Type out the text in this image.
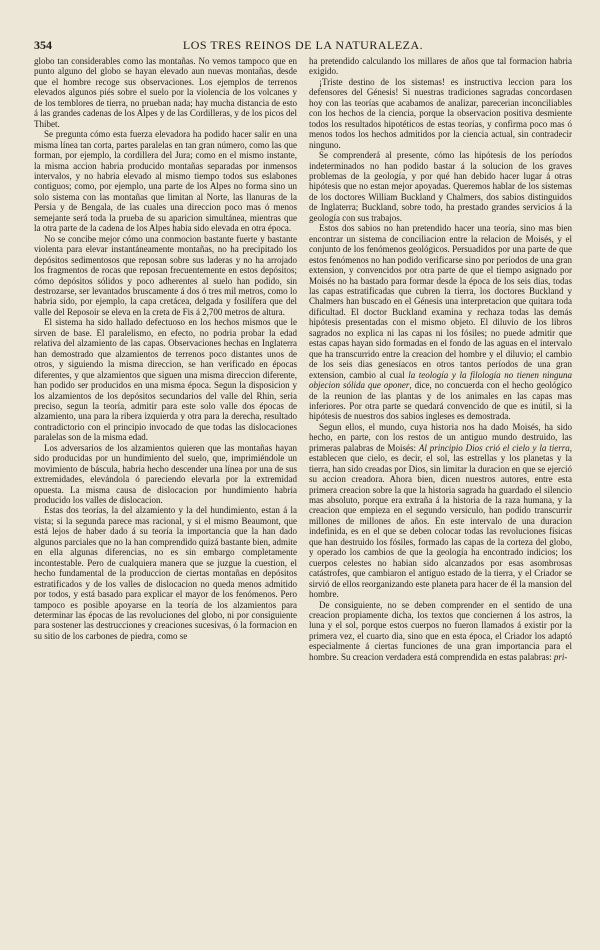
354	LOS TRES REINOS DE LA NATURALEZA.

globo tan considerables como las montañas. No vemos tampoco que en punto alguno del globo se hayan elevado aun nuevas montañas, desde que el hombre recoge sus observaciones. Los ejemplos de terrenos elevados algunos piés sobre el suelo por la violencia de los volcanes y de los temblores de tierra, no prueban nada; hay mucha distancia de esto á las grandes cadenas de los Alpes y de las Cordilleras, y de los picos del Thibet.

Se pregunta cómo esta fuerza elevadora ha podido hacer salir en una misma línea tan corta, partes paralelas en tan gran número, como las que forman, por ejemplo, la cordillera del Jura; como en el mismo instante, la misma accion habria producido montañas separadas por inmensos intervalos, y no habria elevado al mismo tiempo todos sus eslabones contiguos; como, por ejemplo, una parte de los Alpes no forma sino un solo sistema con las montañas que limitan al Norte, las llanuras de la Persia y de Bengala, de las cuales una direccion poco mas ó menos semejante será toda la prueba de su aparicion simultánea, mientras que la otra parte de la cadena de los Alpes habia sido elevada en otra época.

No se concibe mejor cómo una conmocion bastante fuerte y bastante violenta para elevar instantáneamente montañas, no ha precipitado los depósitos sedimentosos que reposan sobre sus laderas y no ha arrojado los fragmentos de rocas que reposan frecuentemente en estos depósitos; cómo depósitos sólidos y poco adherentes al suelo han podido, sin destrozarse, ser levantados bruscamente á dos ó tres mil metros, como lo habria sido, por ejemplo, la capa cretácea, delgada y fosilífera que del valle del Reposoir se eleva en la creta de Fis á 2,700 metros de altura.

El sistema ha sido hallado defectuoso en los hechos mismos que le sirven de base. El paralelismo, en efecto, no podria probar la edad relativa del alzamiento de las capas. Observaciones hechas en Inglaterra han demostrado que alzamientos de terrenos poco distantes unos de otros, y siguiendo la misma direccion, se han verificado en épocas diferentes, y que alzamientos que siguen una misma direccion diferente, han podido ser producidos en una misma época. Segun la disposicion y los alzamientos de los depósitos secundarios del valle del Rhin, seria preciso, segun la teoría, admitir para este solo valle dos épocas de alzamiento, una para la ribera izquierda y otra para la derecha, resultado contradictorio con el principio invocado de que todas las dislocaciones paralelas son de la misma edad.

Los adversarios de los alzamientos quieren que las montañas hayan sido producidas por un hundimiento del suelo, que, imprimiéndole un movimiento de báscula, habria hecho descender una línea por una de sus extremidades, elevándola ó pareciendo elevarla por la extremidad opuesta. La misma causa de dislocacion por hundimiento habria producido los valles de dislocacion.

Estas dos teorías, la del alzamiento y la del hundimiento, estan á la vista; si la segunda parece mas racional, y si el mismo Beaumont, que está lejos de haber dado á su teoría la importancia que la han dado algunos parciales que no la han comprendido quizá bastante bien, admite en ella algunas diferencias, no es sin embargo completamente incontestable. Pero de cualquiera manera que se juzgue la cuestion, el hecho fundamental de la produccion de ciertas montañas en depósitos estratificados y de los valles de dislocacion no queda menos admitido por todos, y está basado para explicar el mayor de los fenómenos. Pero tampoco es posible apoyarse en la teoría de los alzamientos para determinar las épocas de las revoluciones del globo, ni por consiguiente para sostener las destrucciones y creaciones sucesivas, ó la formacion en su sitio de los carbones de piedra, como se

ha pretendido calculando los millares de años que tal formacion habria exigido.

¡Triste destino de los sistemas! es instructiva leccion para los defensores del Génesis! Si nuestras tradiciones sagradas concordasen hoy con las teorías que acabamos de analizar, parecerian inconciliables con los hechos de la ciencia, porque la observacion positiva desmiente todos los resultados hipotéticos de estas teorías, y confirma poco mas ó menos todos los hechos admitidos por la ciencia actual, sin contradecir ninguno.

Se comprenderá al presente, cómo las hipótesis de los períodos indeterminados no han podido bastar á la solucion de los graves problemas de la geología, y por qué han debido hacer lugar á otras hipótesis que no estan mejor apoyadas. Queremos hablar de los sistemas de los doctores William Buckland y Chalmers, dos sabios distinguidos de Inglaterra; Buckland, sobre todo, ha prestado grandes servicios á la geología con sus trabajos.

Estos dos sabios no han pretendido hacer una teoría, sino mas bien encontrar un sistema de conciliacion entre la relacion de Moisés, y el conjunto de los fenómenos geológicos. Persuadidos por una parte de que estos fenómenos no han podido verificarse sino por períodos de una gran extension, y convencidos por otra parte de que el tiempo asignado por Moisés no ha bastado para formar desde la época de los seis dias, todas las capas estratificadas que cubren la tierra, los doctores Buckland y Chalmers han buscado en el Génesis una interpretacion que quitara toda dificultad. El doctor Buckland examina y rechaza todas las demás hipótesis presentadas con el mismo objeto. El diluvio de los libros sagrados no explica ni las capas ni los fósiles; no puede admitir que estas capas hayan sido formadas en el fondo de las aguas en el intervalo que ha transcurrido entre la creacion del hombre y el diluvio; el cambio de los seis dias genesíacos en otros tantos períodos de una gran extension, cambio al cual la teología y la filología no tienen ninguna objecion sólida que oponer, dice, no concuerda con el hecho geológico de la reunion de las plantas y de los animales en las capas mas inferiores. Por otra parte se quedará convencido de que es inútil, si la hipótesis de nuestros dos sabios ingleses es demostrada.

Segun ellos, el mundo, cuya historia nos ha dado Moisés, ha sido hecho, en parte, con los restos de un antiguo mundo destruido, las primeras palabras de Moisés: Al principio Dios crió el cielo y la tierra, establecen que cielo, es decir, el sol, las estrellas y los planetas y la tierra, han sido creadas por Dios, sin limitar la duracion en que se ejerció su accion creadora. Ahora bien, dicen nuestros autores, entre esta primera creacion sobre la que la historia sagrada ha guardado el silencio mas absoluto, porque era extraña á la historia de la raza humana, y la creacion que empieza en el segundo versículo, han podido transcurrir millones de millones de años. En este intervalo de una duracion indefinida, es en el que se deben colocar todas las revoluciones físicas que han destruido los fósiles, formado las capas de la corteza del globo, y operado los cambios de que la geología ha encontrado indicios; los cuerpos celestes no habian sido alcanzados por esas asombrosas catástrofes, que cambiaron el antiguo estado de la tierra, y el Criador se sirvió de ellos reorganizando este planeta para hacer de él la mansion del hombre.

De consiguiente, no se deben comprender en el sentido de una creacion propiamente dicha, los textos que conciernen á los astros, la luna y el sol, porque estos cuerpos no fueron llamados á existir por la primera vez, el cuarto dia, sino que en esta época, el Criador los adaptó especialmente á ciertas funciones de una gran importancia para el hombre. Su creacion verdadera está comprendida en estas palabras: pri-
